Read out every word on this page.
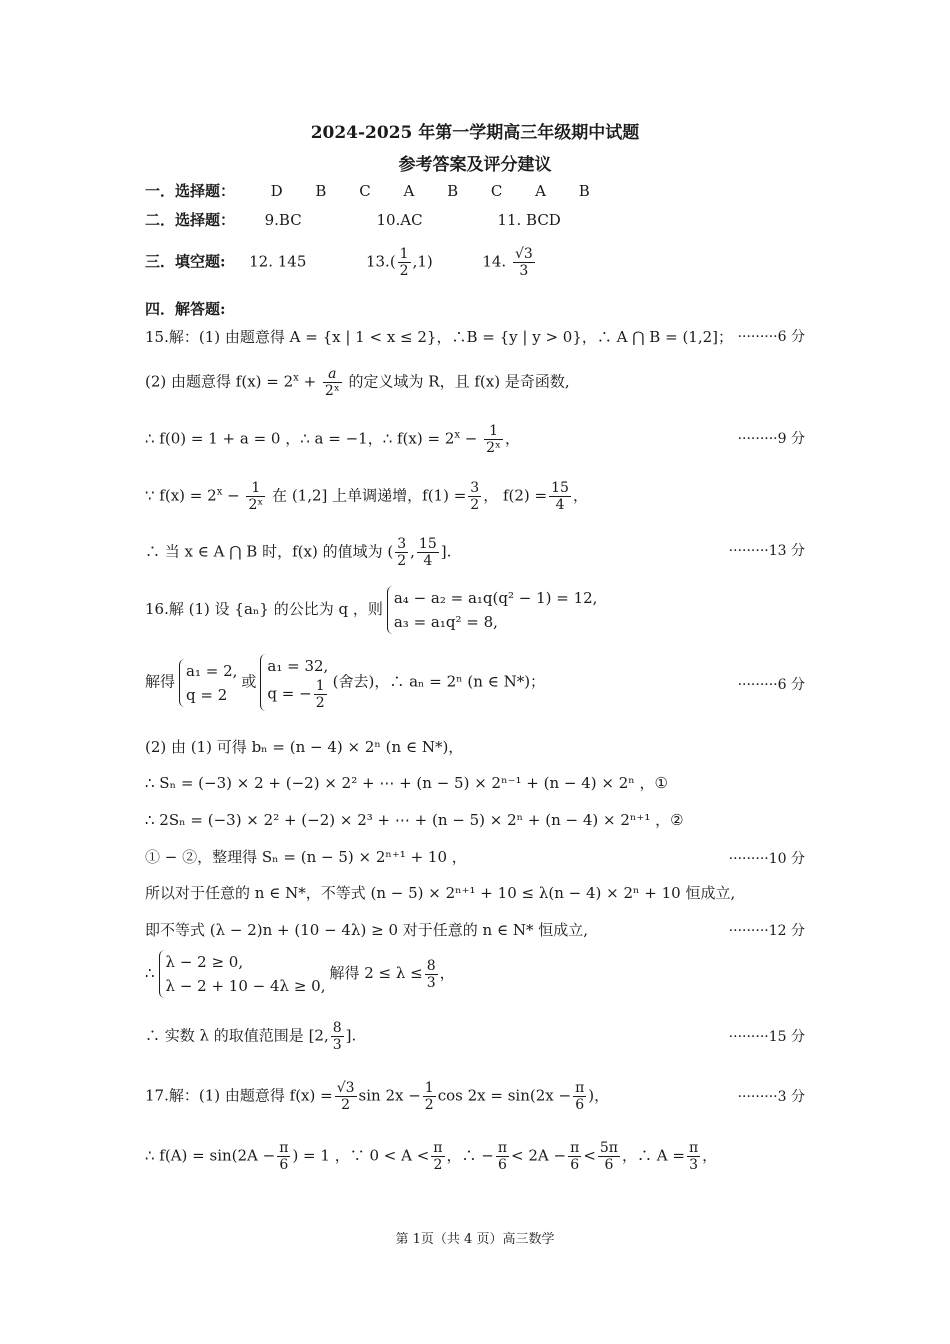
2024-2025 年第一学期高三年级期中试题
参考答案及评分建议
一．选择题： D B C A B C A B
二．选择题： 9.BC	10.AC	11. BCD
三．填空题: 12. 145	$13.( \frac{1}{2} ,1)$	14. $\frac{√3}{3}$
四．解答题:
15.解：(1) 由题意得 A = {x | 1 < x ≤ 2}，∴B = {y | y > 0}，∴ A ⋂ B = (1,2]； ·········6 分
(2) 由题意得 $f(x) = 2^x + \frac{a}{\text{2ˣ}}$ 的定义域为 R，且 f(x) 是奇函数,
∴ f(0) = 1 + a = 0 ，∴ a = −1，∴ $f(x) = 2^x - \frac{1}{\text{2ˣ}}$ ，	·········9 分
∵ $f(x) = 2^x - \frac{1}{\text{2ˣ}}$ 在 (1,2] 上单调递增，$f(1) = \frac{3}{2}$ ， $f(2) = \frac{15}{4}$ ，
∴ 当 x ∈ A ⋂ B 时，f(x) 的值域为 ( $\frac{3}{2}$ , $\frac{15}{4}$ ].	·········13 分
16.解 (1) 设 {aₙ} 的公比为 q ，则
a₄ − a₂ = a₁q(q² − 1) = 12,
a₃ = a₁q² = 8,
解得
a₁ = 2,
q = 2
或
a₁ = 32,
q = − $\frac{1}{2}$ (舍去)，∴ aₙ = 2ⁿ (n ∈ N*)；	·········6 分
(2) 由 (1) 可得 bₙ = (n − 4) × 2ⁿ (n ∈ N*)，
∴ Sₙ = (−3) × 2 + (−2) × 2² + ⋯ + (n − 5) × 2ⁿ⁻¹ + (n − 4) × 2ⁿ ，①
∴ 2Sₙ = (−3) × 2² + (−2) × 2³ + ⋯ + (n − 5) × 2ⁿ + (n − 4) × 2ⁿ⁺¹ ，②
① − ②，整理得 Sₙ = (n − 5) × 2ⁿ⁺¹ + 10 ，	·········10 分
所以对于任意的 n ∈ N*，不等式 (n − 5) × 2ⁿ⁺¹ + 10 ≤ λ(n − 4) × 2ⁿ + 10 恒成立,
即不等式 (λ − 2)n + (10 − 4λ) ≥ 0 对于任意的 n ∈ N* 恒成立,	·········12 分
∴
λ − 2 ≥ 0,
λ − 2 + 10 − 4λ ≥ 0,
解得 $2 \le \lambda \le \frac{8}{3}$ ，
∴ 实数 λ 的取值范围是 [2, $\frac{8}{3}$ ].	·········15 分
17.解：(1) 由题意得 $f(x) = \frac{√3}{2}$ $\sin 2x - \frac{1}{2}$ $\cos 2x = \sin(2x - \frac{\pi}{6}$ )，	·········3 分
∴ $f(A) = \sin(2A - \frac{\pi}{6}$ ) = 1 ，∵ $0 < A < \frac{\pi}{2}$ ，∴ − $\frac{\pi}{6} < 2A - \frac{\pi}{6} < \frac{5\pi}{6}$ ，∴ $A = \frac{\pi}{3}$ ，
第 1页（共 4 页）高三数学
